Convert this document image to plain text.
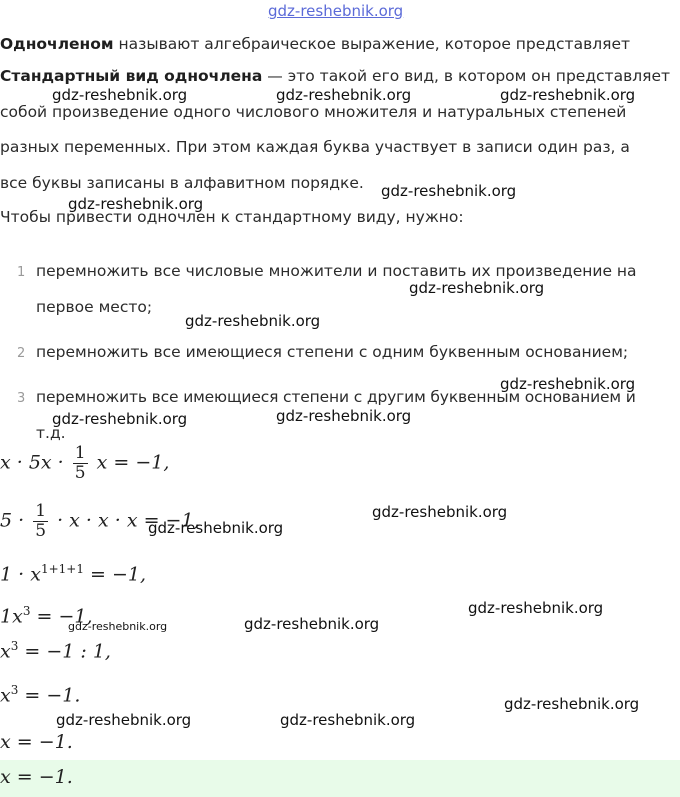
gdz-reshebnik.org
Одночленом называют алгебраическое выражение, которое представляет
Стандартный вид одночлена — это такой его вид, в котором он представляет
собой произведение одного числового множителя и натуральных степеней
разных переменных. При этом каждая буква участвует в записи один раз, а
все буквы записаны в алфавитном порядке.
Чтобы привести одночлен к стандартному виду, нужно:
1 перемножить все числовые множители и поставить их произведение на
первое место;
2 перемножить все имеющиеся степени с одним буквенным основанием;
3 перемножить все имеющиеся степени с другим буквенным основанием и
т.д.
$x \cdot 5x \cdot \frac{1}{5}$ x = −1,
$5 \cdot \frac{1}{5} \cdot x \cdot x \cdot x = -1$,
$1 \cdot x^{1+1+1} = -1$,
$1x^3 = -1$,
$x^3 = -1$ : 1,
$x^3 = -1$.
x = −1.
x = −1.
gdz-reshebnik.org	gdz-reshebnik.org	gdz-reshebnik.org
gdz-reshebnik.org
gdz-reshebnik.org
gdz-reshebnik.org
gdz-reshebnik.org
gdz-reshebnik.org
gdz-reshebnik.org
gdz-reshebnik.org
gdz-reshebnik.org
gdz-reshebnik.org
gdz-reshebnik.org
gdz-reshebnik.org
gdz-reshebnik.org
gdz-reshebnik.org
gdz-reshebnik.org	gdz-reshebnik.org
